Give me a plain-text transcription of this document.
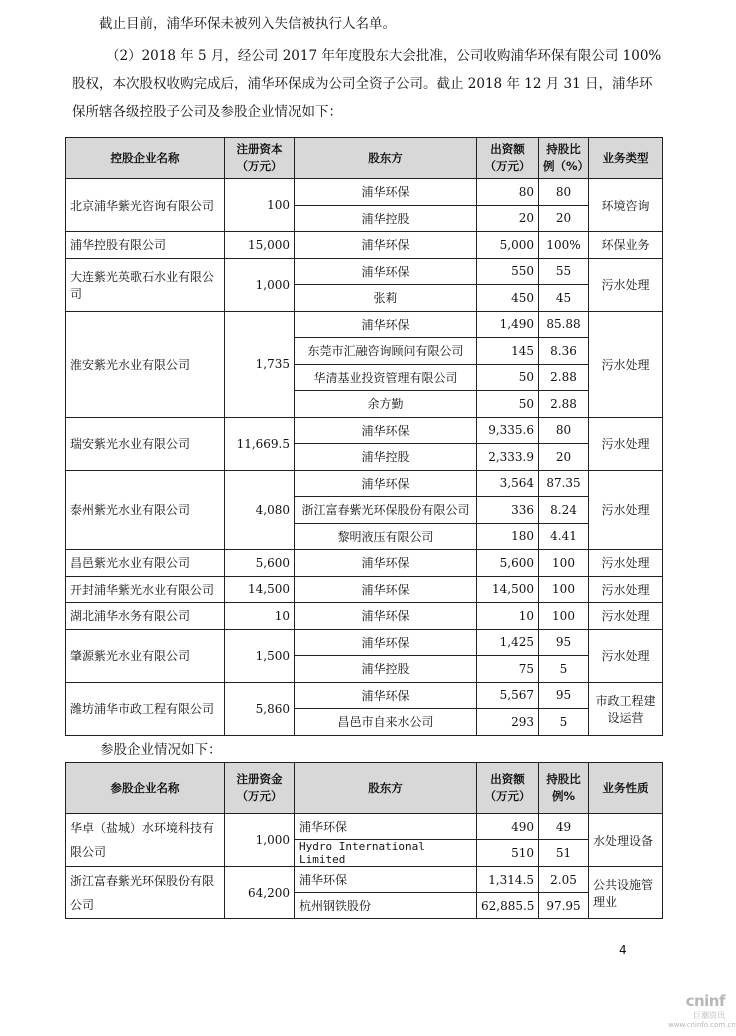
截止目前，浦华环保未被列入失信被执行人名单。

（2）2018 年 5 月，经公司 2017 年年度股东大会批准，公司收购浦华环保有限公司 100%股权，本次股权收购完成后，浦华环保成为公司全资子公司。截止 2018 年 12 月 31 日，浦华环保所辖各级控股子公司及参股企业情况如下：

控股企业名称	注册资本（万元）	股东方	出资额（万元）	持股比例（%）	业务类型
北京浦华紫光咨询有限公司	100	浦华环保	80	80	环境咨询
		浦华控股	20	20	
浦华控股有限公司	15,000	浦华环保	5,000	100%	环保业务
大连紫光英歌石水业有限公司	1,000	浦华环保	550	55	污水处理
		张莉	450	45	
淮安紫光水业有限公司	1,735	浦华环保	1,490	85.88	污水处理
		东莞市汇融咨询顾问有限公司	145	8.36	
		华清基业投资管理有限公司	50	2.88	
		余方勤	50	2.88	
瑞安紫光水业有限公司	11,669.5	浦华环保	9,335.6	80	污水处理
		浦华控股	2,333.9	20	
泰州紫光水业有限公司	4,080	浦华环保	3,564	87.35	污水处理
		浙江富春紫光环保股份有限公司	336	8.24	
		黎明液压有限公司	180	4.41	
昌邑紫光水业有限公司	5,600	浦华环保	5,600	100	污水处理
开封浦华紫光水业有限公司	14,500	浦华环保	14,500	100	污水处理
湖北浦华水务有限公司	10	浦华环保	10	100	污水处理
肇源紫光水业有限公司	1,500	浦华环保	1,425	95	污水处理
		浦华控股	75	5	
潍坊浦华市政工程有限公司	5,860	浦华环保	5,567	95	市政工程建设运营
		昌邑市自来水公司	293	5	

参股企业情况如下：

参股企业名称	注册资金（万元）	股东方	出资额（万元）	持股比例%	业务性质
华卓（盐城）水环境科技有限公司	1,000	浦华环保	490	49	水处理设备
		Hydro International Limited	510	51	
浙江富春紫光环保股份有限公司	64,200	浦华环保	1,314.5	2.05	公共设施管理业
		杭州钢铁股份	62,885.5	97.95	
4
cninf
巨潮资讯
www.cninfo.com.cn
